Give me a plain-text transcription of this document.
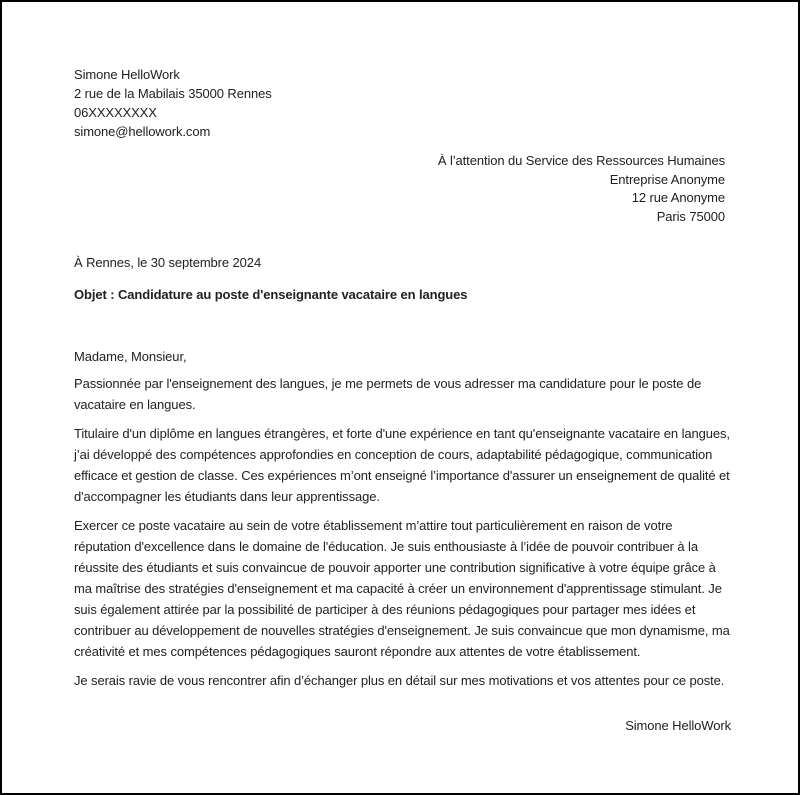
Simone HelloWork
2 rue de la Mabilais 35000 Rennes
06XXXXXXXX
simone@hellowork.com
À l’attention du Service des Ressources Humaines
Entreprise Anonyme
12 rue Anonyme
Paris 75000
À Rennes, le 30 septembre 2024
Objet : Candidature au poste d'enseignante vacataire en langues

Madame, Monsieur,

Passionnée par l'enseignement des langues, je me permets de vous adresser ma candidature pour le poste de vacataire en langues.

Titulaire d'un diplôme en langues étrangères, et forte d'une expérience en tant qu'enseignante vacataire en langues, j’ai développé des compétences approfondies en conception de cours, adaptabilité pédagogique, communication efficace et gestion de classe. Ces expériences m’ont enseigné l’importance d'assurer un enseignement de qualité et d'accompagner les étudiants dans leur apprentissage.

Exercer ce poste vacataire au sein de votre établissement m’attire tout particulièrement en raison de votre réputation d'excellence dans le domaine de l'éducation. Je suis enthousiaste à l’idée de pouvoir contribuer à la réussite des étudiants et suis convaincue de pouvoir apporter une contribution significative à votre équipe grâce à ma maîtrise des stratégies d'enseignement et ma capacité à créer un environnement d'apprentissage stimulant. Je suis également attirée par la possibilité de participer à des réunions pédagogiques pour partager mes idées et contribuer au développement de nouvelles stratégies d'enseignement. Je suis convaincue que mon dynamisme, ma créativité et mes compétences pédagogiques sauront répondre aux attentes de votre établissement.

Je serais ravie de vous rencontrer afin d’échanger plus en détail sur mes motivations et vos attentes pour ce poste.

Simone HelloWork
